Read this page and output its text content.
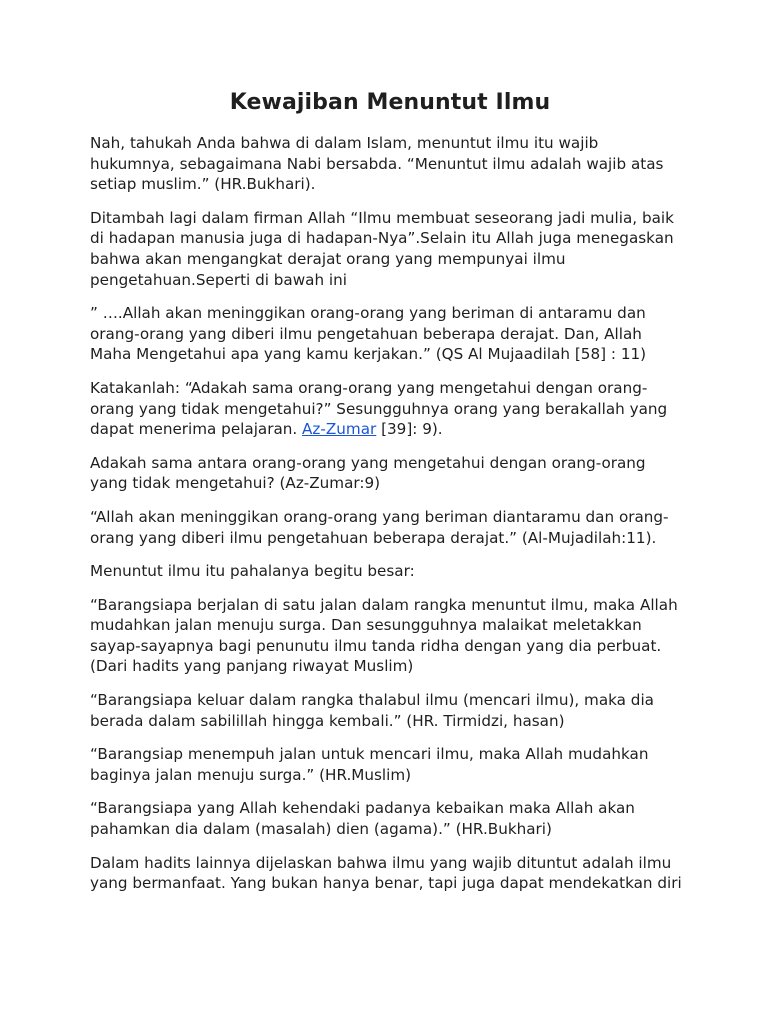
Kewajiban Menuntut Ilmu
Nah, tahukah Anda bahwa di dalam Islam, menuntut ilmu itu wajib
hukumnya, sebagaimana Nabi bersabda. “Menuntut ilmu adalah wajib atas
setiap muslim.” (HR.Bukhari).
Ditambah lagi dalam firman Allah “Ilmu membuat seseorang jadi mulia, baik
di hadapan manusia juga di hadapan-Nya”.Selain itu Allah juga menegaskan
bahwa akan mengangkat derajat orang yang mempunyai ilmu
pengetahuan.Seperti di bawah ini
” ….Allah akan meninggikan orang-orang yang beriman di antaramu dan
orang-orang yang diberi ilmu pengetahuan beberapa derajat. Dan, Allah
Maha Mengetahui apa yang kamu kerjakan.” (QS Al Mujaadilah [58] : 11)
Katakanlah: “Adakah sama orang-orang yang mengetahui dengan orang-
orang yang tidak mengetahui?” Sesungguhnya orang yang berakallah yang
dapat menerima pelajaran. Az-Zumar [39]: 9).
Adakah sama antara orang-orang yang mengetahui dengan orang-orang
yang tidak mengetahui? (Az-Zumar:9)
“Allah akan meninggikan orang-orang yang beriman diantaramu dan orang-
orang yang diberi ilmu pengetahuan beberapa derajat.” (Al-Mujadilah:11).
Menuntut ilmu itu pahalanya begitu besar:
“Barangsiapa berjalan di satu jalan dalam rangka menuntut ilmu, maka Allah
mudahkan jalan menuju surga. Dan sesungguhnya malaikat meletakkan
sayap-sayapnya bagi penunutu ilmu tanda ridha dengan yang dia perbuat.
(Dari hadits yang panjang riwayat Muslim)
“Barangsiapa keluar dalam rangka thalabul ilmu (mencari ilmu), maka dia
berada dalam sabilillah hingga kembali.” (HR. Tirmidzi, hasan)
“Barangsiap menempuh jalan untuk mencari ilmu, maka Allah mudahkan
baginya jalan menuju surga.” (HR.Muslim)
“Barangsiapa yang Allah kehendaki padanya kebaikan maka Allah akan
pahamkan dia dalam (masalah) dien (agama).” (HR.Bukhari)
Dalam hadits lainnya dijelaskan bahwa ilmu yang wajib dituntut adalah ilmu
yang bermanfaat. Yang bukan hanya benar, tapi juga dapat mendekatkan diri
